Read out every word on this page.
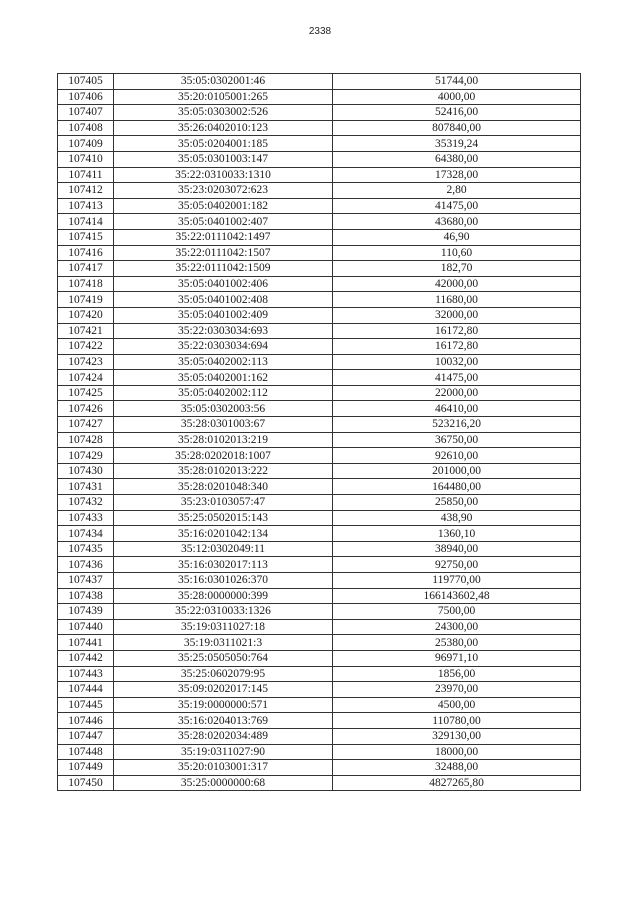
2338
107405	35:05:0302001:46	51744,00
107406	35:20:0105001:265	4000,00
107407	35:05:0303002:526	52416,00
107408	35:26:0402010:123	807840,00
107409	35:05:0204001:185	35319,24
107410	35:05:0301003:147	64380,00
107411	35:22:0310033:1310	17328,00
107412	35:23:0203072:623	2,80
107413	35:05:0402001:182	41475,00
107414	35:05:0401002:407	43680,00
107415	35:22:0111042:1497	46,90
107416	35:22:0111042:1507	110,60
107417	35:22:0111042:1509	182,70
107418	35:05:0401002:406	42000,00
107419	35:05:0401002:408	11680,00
107420	35:05:0401002:409	32000,00
107421	35:22:0303034:693	16172,80
107422	35:22:0303034:694	16172,80
107423	35:05:0402002:113	10032,00
107424	35:05:0402001:162	41475,00
107425	35:05:0402002:112	22000,00
107426	35:05:0302003:56	46410,00
107427	35:28:0301003:67	523216,20
107428	35:28:0102013:219	36750,00
107429	35:28:0202018:1007	92610,00
107430	35:28:0102013:222	201000,00
107431	35:28:0201048:340	164480,00
107432	35:23:0103057:47	25850,00
107433	35:25:0502015:143	438,90
107434	35:16:0201042:134	1360,10
107435	35:12:0302049:11	38940,00
107436	35:16:0302017:113	92750,00
107437	35:16:0301026:370	119770,00
107438	35:28:0000000:399	166143602,48
107439	35:22:0310033:1326	7500,00
107440	35:19:0311027:18	24300,00
107441	35:19:0311021:3	25380,00
107442	35:25:0505050:764	96971,10
107443	35:25:0602079:95	1856,00
107444	35:09:0202017:145	23970,00
107445	35:19:0000000:571	4500,00
107446	35:16:0204013:769	110780,00
107447	35:28:0202034:489	329130,00
107448	35:19:0311027:90	18000,00
107449	35:20:0103001:317	32488,00
107450	35:25:0000000:68	4827265,80
